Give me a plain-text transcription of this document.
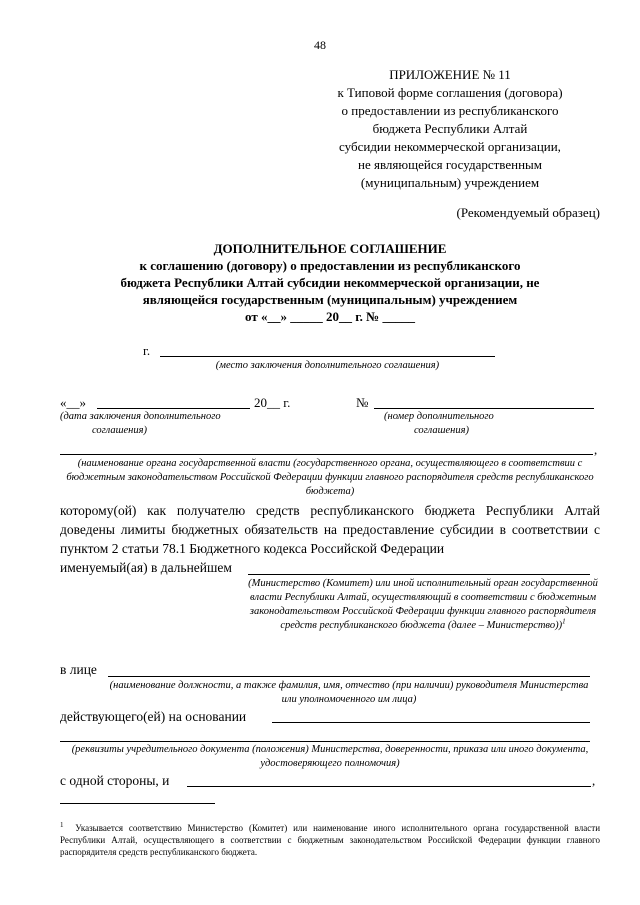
48
ПРИЛОЖЕНИЕ № 11
к Типовой форме соглашения (договора)
о предоставлении из республиканского
бюджета Республики Алтай
субсидии некоммерческой организации,
не являющейся государственным
(муниципальным) учреждением
(Рекомендуемый образец)
ДОПОЛНИТЕЛЬНОЕ СОГЛАШЕНИЕ
к соглашению (договору) о предоставлении из республиканского
бюджета Республики Алтай субсидии некоммерческой организации, не
являющейся государственным (муниципальным) учреждением
от «__» _____ 20__ г. № _____
г.
(место заключения дополнительного соглашения)
«__»	20__ г.
(дата заключения дополнительного
соглашения)
№
(номер дополнительного
соглашения)
,
(наименование органа государственной власти (государственного органа, осуществляющего в соответствии с бюджетным законодательством Российской Федерации функции главного распорядителя средств республиканского бюджета)
которому(ой) как получателю средств республиканского бюджета Республики Алтай доведены лимиты бюджетных обязательств на предоставление субсидии в соответствии с пунктом 2 статьи 78.1 Бюджетного кодекса Российской Федерации
именуемый(ая) в дальнейшем
(Министерство (Комитет) или иной исполнительный орган государственной власти Республики Алтай, осуществляющий в соответствии с бюджетным законодательством Российской Федерации функции главного распорядителя средств республиканского бюджета (далее – Министерство))$^1$
в лице
(наименование должности, а также фамилия, имя, отчество (при наличии) руководителя Министерства или уполномоченного им лица)
действующего(ей) на основании
(реквизиты учредительного документа (положения) Министерства, доверенности, приказа или иного документа, удостоверяющего полномочия)
с одной стороны, и	,
$^1$ Указывается соответствию Министерство (Комитет) или наименование иного исполнительного органа государственной власти Республики Алтай, осуществляющего в соответствии с бюджетным законодательством Российской Федерации функции главного распорядителя средств республиканского бюджета.
